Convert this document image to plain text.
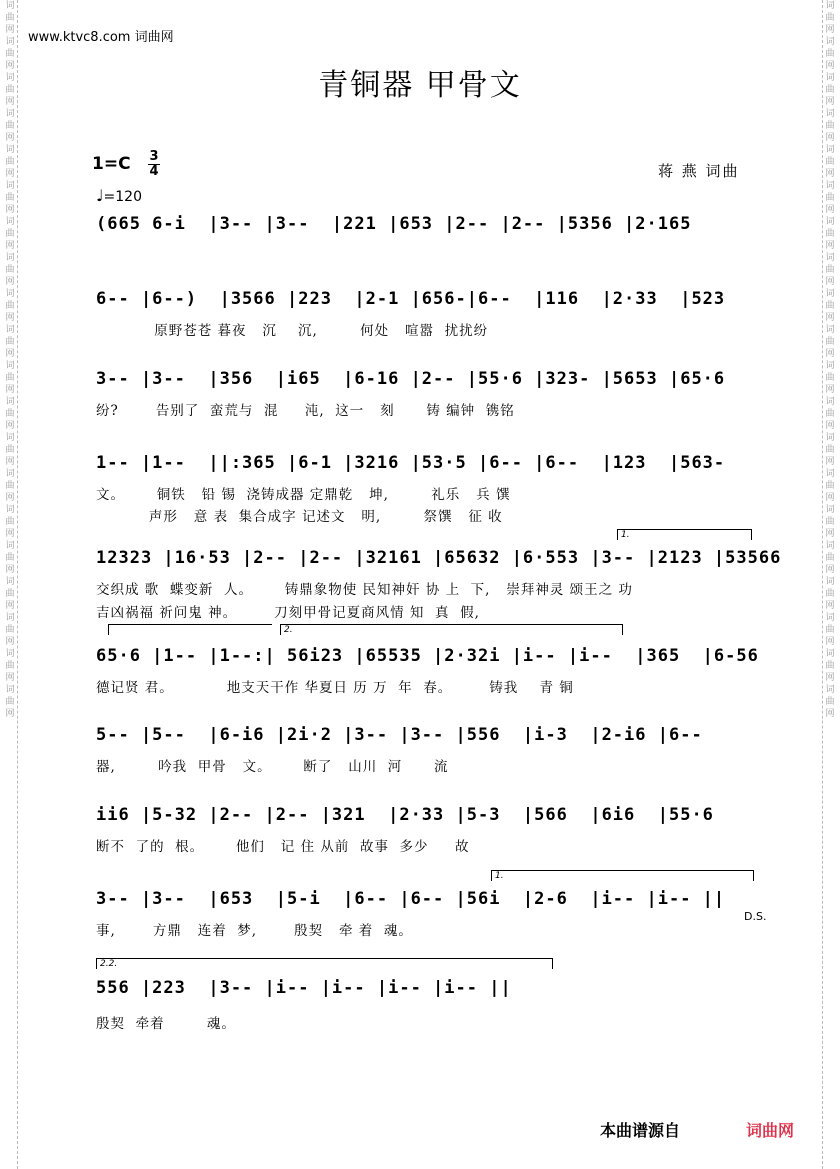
词曲网词曲网词曲网词曲网词曲网词曲网词曲网词曲网词曲网词曲网词曲网词曲网词曲网词曲网词曲网词曲网词曲网词曲网词曲网词曲网
词曲网词曲网词曲网词曲网词曲网词曲网词曲网词曲网词曲网词曲网词曲网词曲网词曲网词曲网词曲网词曲网词曲网词曲网词曲网词曲网
www.ktvc8.com 词曲网
青铜器 甲骨文
1=C 3
4
♩=120
蒋 燕 词曲
(665 6-i  |3-- |3--  |221 |653 |2-- |2-- |5356 |2·165
6-- |6--)  |3566 |223  |2-1 |656-|6--  |116  |2·33  |523
原野苍苍 暮夜   沉    沉,        何处   喧嚣  扰扰纷
3-- |3--  |356  |i65  |6-16 |2-- |55·6 |323- |5653 |65·6
纷?       告别了  蛮荒与  混     沌,  这一   刻      铸 编钟  镌铭
1-- |1--  ||:365 |6-1 |3216 |53·5 |6-- |6--  |123  |563-
文。      铜铁   铅 锡  浇铸成器 定鼎乾   坤,        礼乐   兵 馔
声形   意 表  集合成字 记述文   明,        祭馔   征 收
1.
12323 |16·53 |2-- |2-- |32161 |65632 |6·553 |3-- |2123 |53566
交织成 歌  蝶变新  人。      铸鼎象物使 民知神奸 协 上  下,   崇拜神灵 颂王之 功
吉凶祸福 祈问鬼 神。       刀刻甲骨记夏商风情 知  真  假,
2.
65·6 |1-- |1--:| 56i23 |65535 |2·32i |i-- |i--  |365  |6-56
德记贤 君。          地支天干作 华夏日 历 万  年  春。       铸我    青 铜
5-- |5--  |6-i6 |2i·2 |3-- |3-- |556  |i-3  |2-i6 |6--
器,        吟我  甲骨   文。      断了   山川  河      流
ii6 |5-32 |2-- |2-- |321  |2·33 |5-3  |566  |6i6  |55·6
断不  了的  根。      他们   记 住 从前  故事  多少     故
1.
3-- |3--  |653  |5-i  |6-- |6-- |56i  |2-6  |i-- |i-- ||
事,       方鼎   连着  梦,       殷契   牵 着  魂。
D.S.
2.2.
556 |223  |3-- |i-- |i-- |i-- |i-- ||
殷契  牵着        魂。
本曲谱源自	词曲网
